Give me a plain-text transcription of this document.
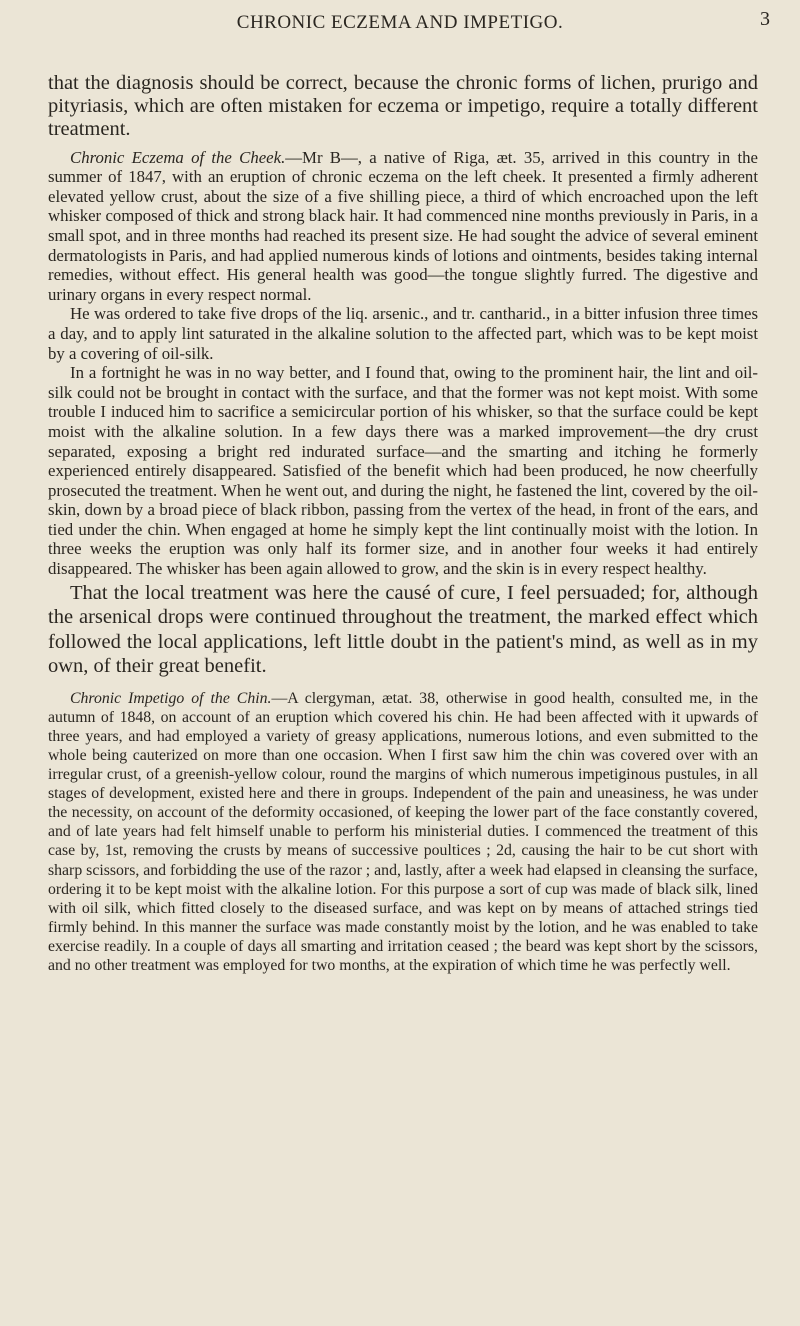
CHRONIC ECZEMA AND IMPETIGO.	3

that the diagnosis should be correct, because the chronic forms of lichen, prurigo and pityriasis, which are often mistaken for eczema or impetigo, require a totally different treatment.

Chronic Eczema of the Cheek.—Mr B—, a native of Riga, æt. 35, arrived in this country in the summer of 1847, with an eruption of chronic eczema on the left cheek. It presented a firmly adherent elevated yellow crust, about the size of a five shilling piece, a third of which encroached upon the left whisker composed of thick and strong black hair. It had commenced nine months previously in Paris, in a small spot, and in three months had reached its present size. He had sought the advice of several eminent dermatologists in Paris, and had applied numerous kinds of lotions and ointments, besides taking internal remedies, without effect. His general health was good—the tongue slightly furred. The digestive and urinary organs in every respect normal.

He was ordered to take five drops of the liq. arsenic., and tr. cantharid., in a bitter infusion three times a day, and to apply lint saturated in the alkaline solution to the affected part, which was to be kept moist by a covering of oil-silk.

In a fortnight he was in no way better, and I found that, owing to the prominent hair, the lint and oil-silk could not be brought in contact with the surface, and that the former was not kept moist. With some trouble I induced him to sacrifice a semicircular portion of his whisker, so that the surface could be kept moist with the alkaline solution. In a few days there was a marked improvement—the dry crust separated, exposing a bright red indurated surface—and the smarting and itching he formerly experienced entirely disappeared. Satisfied of the benefit which had been produced, he now cheerfully prosecuted the treatment. When he went out, and during the night, he fastened the lint, covered by the oil-skin, down by a broad piece of black ribbon, passing from the vertex of the head, in front of the ears, and tied under the chin. When engaged at home he simply kept the lint continually moist with the lotion. In three weeks the eruption was only half its former size, and in another four weeks it had entirely disappeared. The whisker has been again allowed to grow, and the skin is in every respect healthy.

That the local treatment was here the causé of cure, I feel persuaded; for, although the arsenical drops were continued throughout the treatment, the marked effect which followed the local applications, left little doubt in the patient's mind, as well as in my own, of their great benefit.

Chronic Impetigo of the Chin.—A clergyman, ætat. 38, otherwise in good health, consulted me, in the autumn of 1848, on account of an eruption which covered his chin. He had been affected with it upwards of three years, and had employed a variety of greasy applications, numerous lotions, and even submitted to the whole being cauterized on more than one occasion. When I first saw him the chin was covered over with an irregular crust, of a greenish-yellow colour, round the margins of which numerous impetiginous pustules, in all stages of development, existed here and there in groups. Independent of the pain and uneasiness, he was under the necessity, on account of the deformity occasioned, of keeping the lower part of the face constantly covered, and of late years had felt himself unable to perform his ministerial duties. I commenced the treatment of this case by, 1st, removing the crusts by means of successive poultices ; 2d, causing the hair to be cut short with sharp scissors, and forbidding the use of the razor ; and, lastly, after a week had elapsed in cleansing the surface, ordering it to be kept moist with the alkaline lotion. For this purpose a sort of cup was made of black silk, lined with oil silk, which fitted closely to the diseased surface, and was kept on by means of attached strings tied firmly behind. In this manner the surface was made constantly moist by the lotion, and he was enabled to take exercise readily. In a couple of days all smarting and irritation ceased ; the beard was kept short by the scissors, and no other treatment was employed for two months, at the expiration of which time he was perfectly well.
